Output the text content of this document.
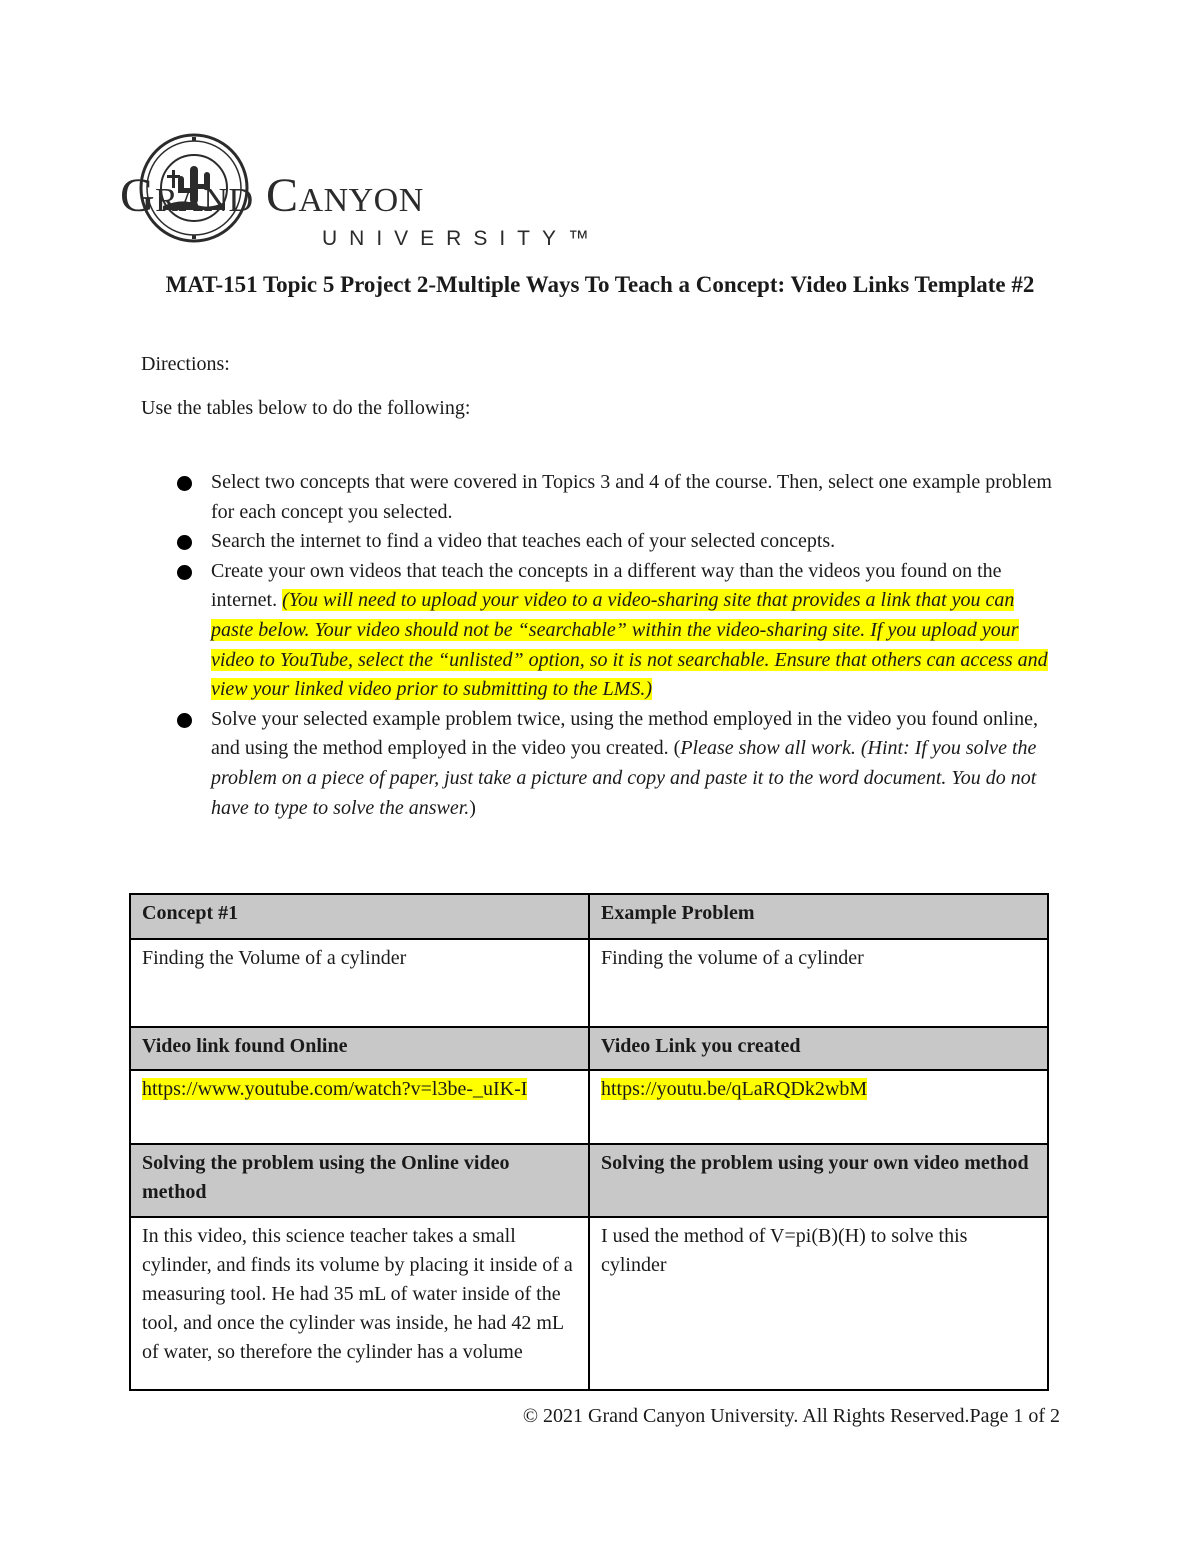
Grand Canyon
UNIVERSITY™
MAT-151 Topic 5 Project 2-Multiple Ways To Teach a Concept: Video Links Template #2
Directions:
Use the tables below to do the following:
Select two concepts that were covered in Topics 3 and 4 of the course. Then, select one example problem for each concept you selected.
Search the internet to find a video that teaches each of your selected concepts.
Create your own videos that teach the concepts in a different way than the videos you found on the internet. (You will need to upload your video to a video-sharing site that provides a link that you can paste below. Your video should not be “searchable” within the video-sharing site. If you upload your video to YouTube, select the “unlisted” option, so it is not searchable. Ensure that others can access and view your linked video prior to submitting to the LMS.)
Solve your selected example problem twice, using the method employed in the video you found online, and using the method employed in the video you created. (Please show all work. (Hint: If you solve the problem on a piece of paper, just take a picture and copy and paste it to the word document. You do not have to type to solve the answer.)
Concept #1	Example Problem
Finding the Volume of a cylinder	Finding the volume of a cylinder
Video link found Online	Video Link you created
https://www.youtube.com/watch?v=l3be-_uIK-I	https://youtu.be/qLaRQDk2wbM
Solving the problem using the Online video method	Solving the problem using your own video method
In this video, this science teacher takes a small cylinder, and finds its volume by placing it inside of a measuring tool. He had 35 mL of water inside of the tool, and once the cylinder was inside, he had 42 mL of water, so therefore the cylinder has a volume	I used the method of V=pi(B)(H) to solve this cylinder
© 2021 Grand Canyon University. All Rights Reserved.Page 1 of 2
